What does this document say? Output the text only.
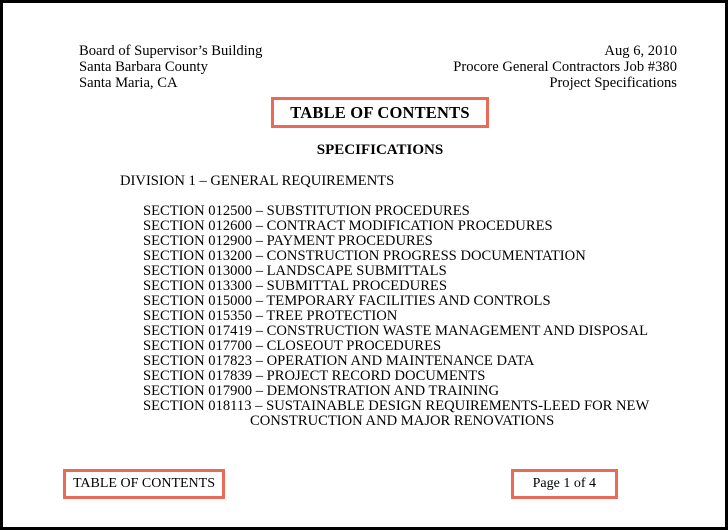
Board of Supervisor’s Building
Santa Barbara County
Santa Maria, CA
Aug 6, 2010
Procore General Contractors Job #380
Project Specifications
TABLE OF CONTENTS
SPECIFICATIONS
DIVISION 1 – GENERAL REQUIREMENTS
SECTION 012500 – SUBSTITUTION PROCEDURES
SECTION 012600 – CONTRACT MODIFICATION PROCEDURES
SECTION 012900 – PAYMENT PROCEDURES
SECTION 013200 – CONSTRUCTION PROGRESS DOCUMENTATION
SECTION 013000 – LANDSCAPE SUBMITTALS
SECTION 013300 – SUBMITTAL PROCEDURES
SECTION 015000 – TEMPORARY FACILITIES AND CONTROLS
SECTION 015350 – TREE PROTECTION
SECTION 017419 – CONSTRUCTION WASTE MANAGEMENT AND DISPOSAL
SECTION 017700 – CLOSEOUT PROCEDURES
SECTION 017823 – OPERATION AND MAINTENANCE DATA
SECTION 017839 – PROJECT RECORD DOCUMENTS
SECTION 017900 – DEMONSTRATION AND TRAINING
SECTION 018113 – SUSTAINABLE DESIGN REQUIREMENTS-LEED FOR NEW
CONSTRUCTION AND MAJOR RENOVATIONS
TABLE OF CONTENTS	Page 1 of 4
